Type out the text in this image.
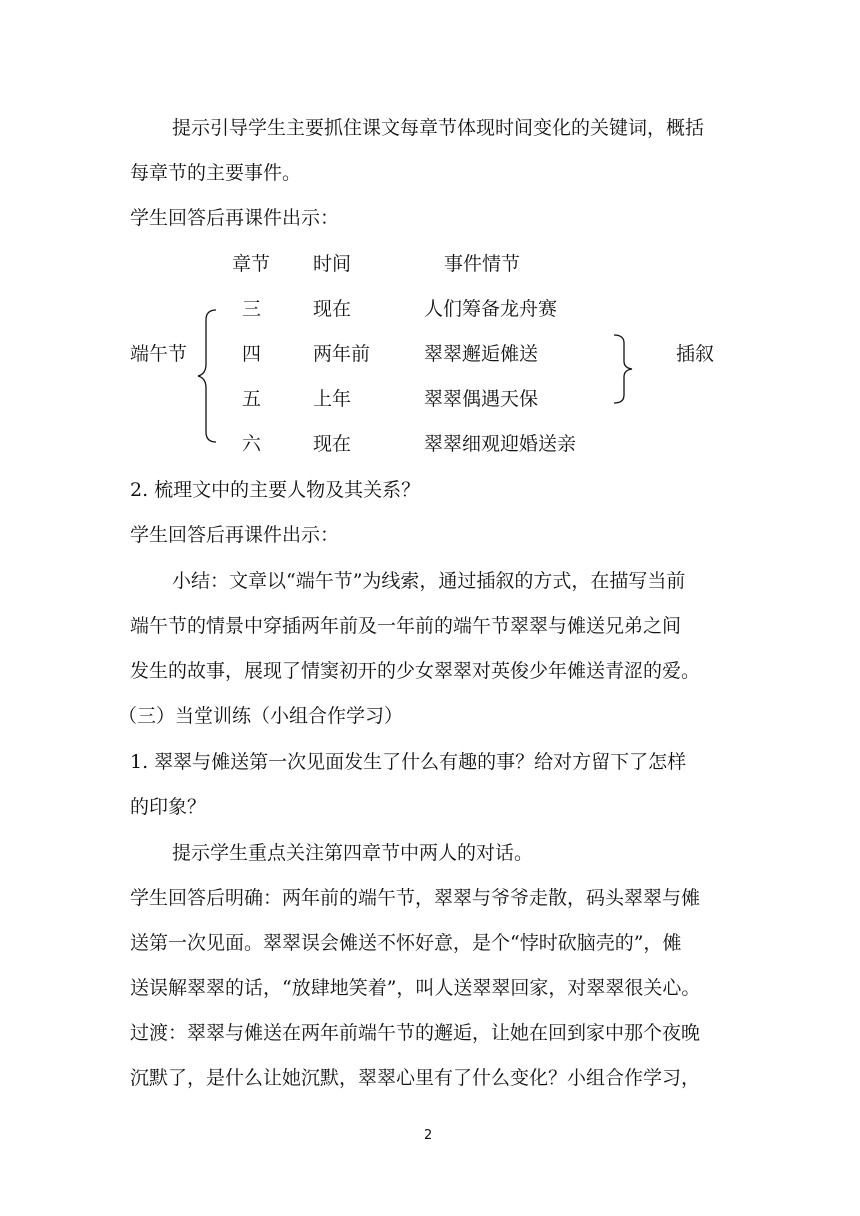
提示引导学生主要抓住课文每章节体现时间变化的关键词，概括
每章节的主要事件。
学生回答后再课件出示：
章节 时间	事件情节
端午节
三	现在	人们筹备龙舟赛
四	两年前	翠翠邂逅傩送
五	上年	翠翠偶遇天保
六	现在	翠翠细观迎婚送亲
插叙
2. 梳理文中的主要人物及其关系？
学生回答后再课件出示：
小结：文章以“端午节”为线索，通过插叙的方式，在描写当前
端午节的情景中穿插两年前及一年前的端午节翠翠与傩送兄弟之间
发生的故事，展现了情窦初开的少女翠翠对英俊少年傩送青涩的爱。
（三）当堂训练（小组合作学习）
1. 翠翠与傩送第一次见面发生了什么有趣的事？给对方留下了怎样
的印象？
提示学生重点关注第四章节中两人的对话。
学生回答后明确：两年前的端午节，翠翠与爷爷走散，码头翠翠与傩
送第一次见面。翠翠误会傩送不怀好意，是个“悖时砍脑壳的”，傩
送误解翠翠的话，“放肆地笑着”，叫人送翠翠回家，对翠翠很关心。
过渡：翠翠与傩送在两年前端午节的邂逅，让她在回到家中那个夜晚
沉默了，是什么让她沉默，翠翠心里有了什么变化？小组合作学习，
2
